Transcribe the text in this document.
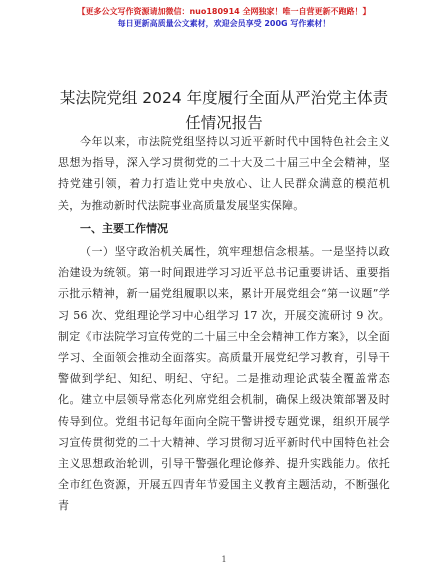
【更多公文写作资源请加微信：nuo180914 全网独家！唯一自营更新不跑路！】
每日更新高质量公文素材，欢迎会员享受 200G 写作素材！
某法院党组 2024 年度履行全面从严治党主体责任情况报告

今年以来，市法院党组坚持以习近平新时代中国特色社会主义思想为指导，深入学习贯彻党的二十大及二十届三中全会精神，坚持党建引领，着力打造让党中央放心、让人民群众满意的模范机关，为推动新时代法院事业高质量发展坚实保障。

一、主要工作情况

（一）坚守政治机关属性，筑牢理想信念根基。一是坚持以政治建设为统领。第一时间跟进学习习近平总书记重要讲话、重要指示批示精神，新一届党组履职以来，累计开展党组会“第一议题”学习 56 次、党组理论学习中心组学习 17 次，开展交流研讨 9 次。制定《市法院学习宣传党的二十届三中全会精神工作方案》，以全面学习、全面领会推动全面落实。高质量开展党纪学习教育，引导干警做到学纪、知纪、明纪、守纪。二是推动理论武装全覆盖常态化。建立中层领导常态化列席党组会机制，确保上级决策部署及时传导到位。党组书记每年面向全院干警讲授专题党课，组织开展学习宣传贯彻党的二十大精神、学习贯彻习近平新时代中国特色社会主义思想政治轮训，引导干警强化理论修养、提升实践能力。依托全市红色资源，开展五四青年节爱国主义教育主题活动，不断强化青

1
